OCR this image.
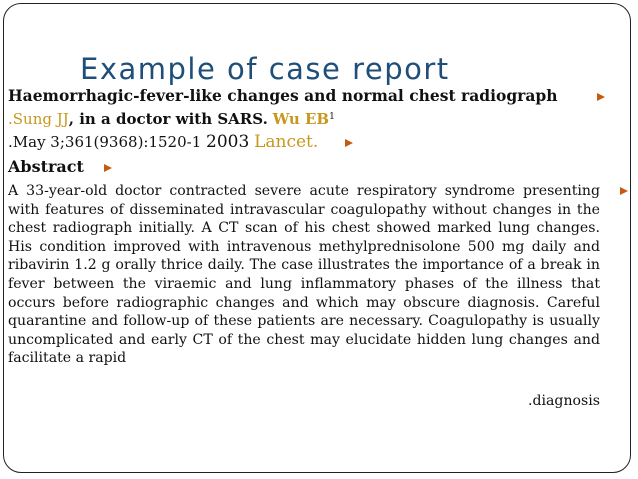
Example of case report

Haemorrhagic-fever-like changes and normal chest radiograph

.Sung JJ, in a doctor with SARS. Wu $EB^1$

.May 3;361(9368):1520-1 2003 Lancet.

Abstract

A 33-year-old doctor contracted severe acute respiratory syndrome presenting with features of disseminated intravascular coagulopathy without changes in the chest radiograph initially. A CT scan of his chest showed marked lung changes. His condition improved with intravenous methylprednisolone 500 mg daily and ribavirin 1.2 g orally thrice daily. The case illustrates the importance of a break in fever between the viraemic and lung inflammatory phases of the illness that occurs before radiographic changes and which may obscure diagnosis. Careful quarantine and follow-up of these patients are necessary. Coagulopathy is usually uncomplicated and early CT of the chest may elucidate hidden lung changes and facilitate a rapid

.diagnosis
